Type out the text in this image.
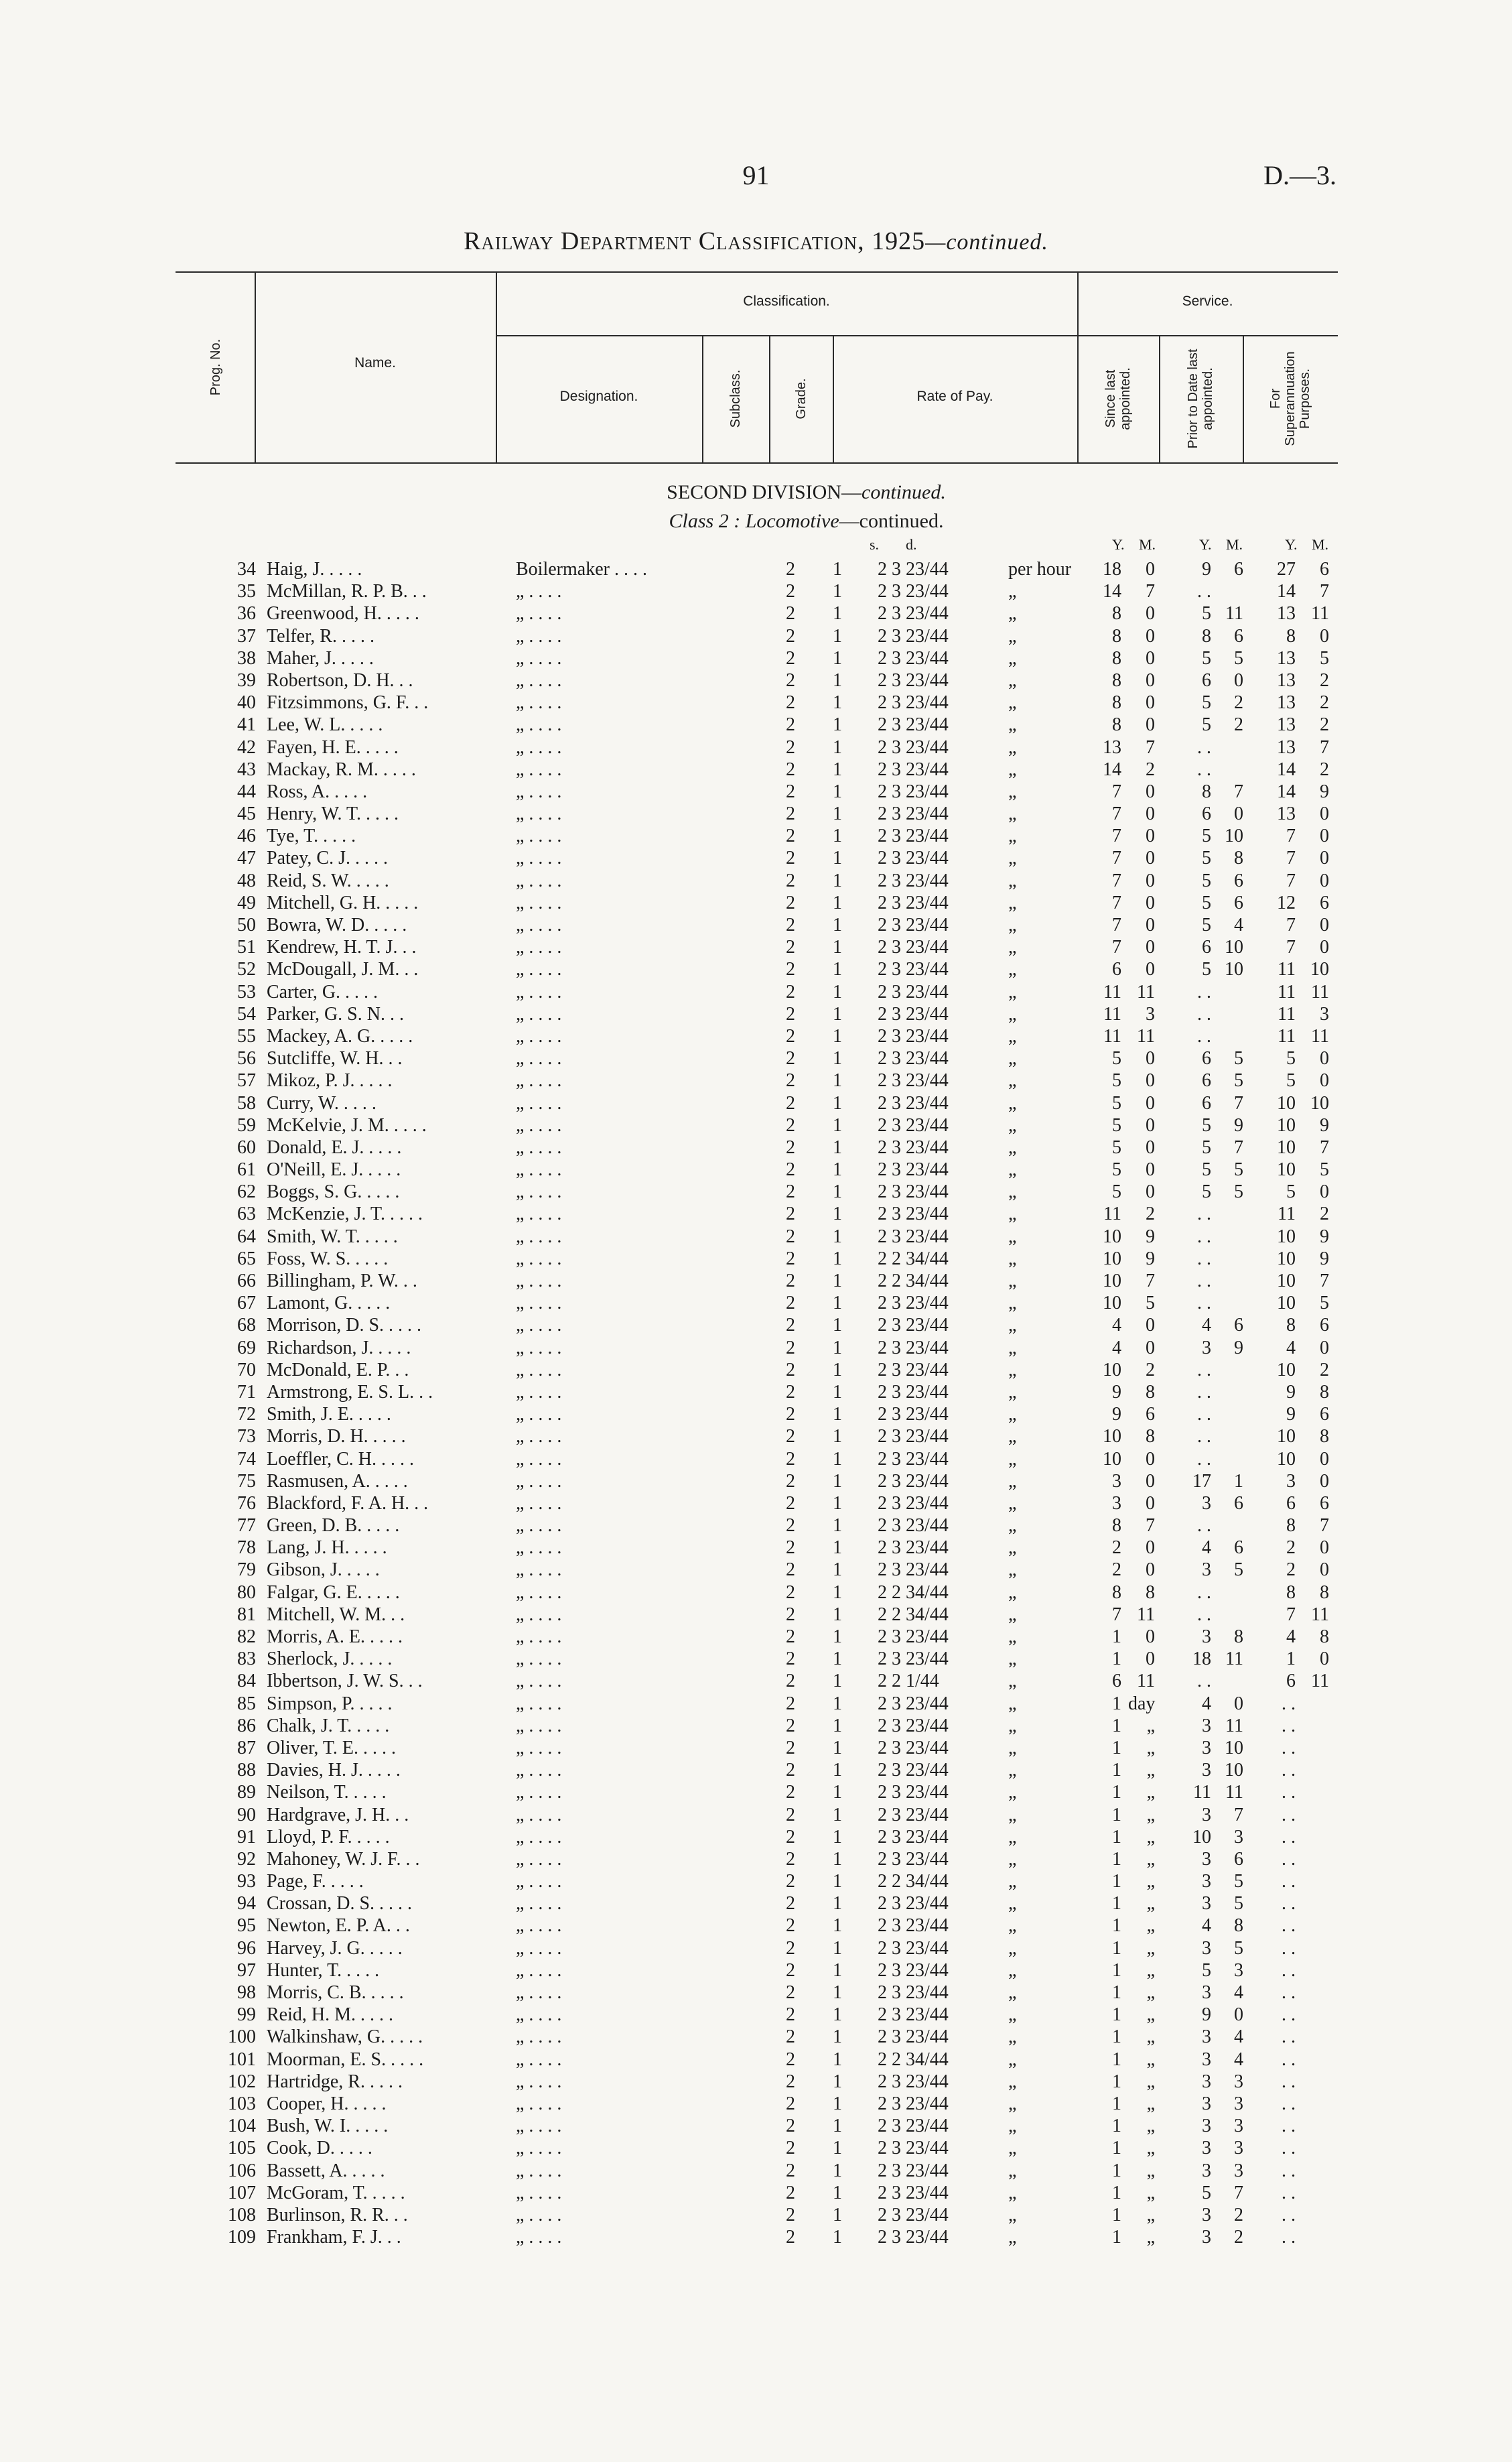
91	D.—3.
Railway Department Classification, 1925—continued.
Prog. No.	Name.
Classification.	Service.
Designation.	Subclass.	Grade.	Rate of Pay.	Since last appointed.	Prior to Date last appointed.	For Superannuation Purposes.
SECOND DIVISION—continued.
Class 2 : Locomotive—continued.
s. d.	Y. M.	Y. M.	Y. M.
34 Haig, J. . . . .	Boilermaker . . . .	2	1	2 3 23/44	per hour	18	0	9	6	27	6
35 McMillan, R. P. B. . .	„ . . . .	2	1	2 3 23/44	„	14	7	. .	14	7
36 Greenwood, H. . . . .	„ . . . .	2	1	2 3 23/44	„	8	0	5 11	13 11
37 Telfer, R. . . . .	„ . . . .	2	1	2 3 23/44	„	8	0	8	6	8	0
38 Maher, J. . . . .	„ . . . .	2	1	2 3 23/44	„	8	0	5	5	13	5
39 Robertson, D. H. . .	„ . . . .	2	1	2 3 23/44	„	8	0	6	0	13	2
40 Fitzsimmons, G. F. . .	„ . . . .	2	1	2 3 23/44	„	8	0	5	2	13	2
41 Lee, W. L. . . . .	„ . . . .	2	1	2 3 23/44	„	8	0	5	2	13	2
42 Fayen, H. E. . . . .	„ . . . .	2	1	2 3 23/44	„	13	7	. .	13	7
43 Mackay, R. M. . . . .	„ . . . .	2	1	2 3 23/44	„	14	2	. .	14	2
44 Ross, A. . . . .	„ . . . .	2	1	2 3 23/44	„	7	0	8	7	14	9
45 Henry, W. T. . . . .	„ . . . .	2	1	2 3 23/44	„	7	0	6	0	13	0
46 Tye, T. . . . .	„ . . . .	2	1	2 3 23/44	„	7	0	5 10	7	0
47 Patey, C. J. . . . .	„ . . . .	2	1	2 3 23/44	„	7	0	5	8	7	0
48 Reid, S. W. . . . .	„ . . . .	2	1	2 3 23/44	„	7	0	5	6	7	0
49 Mitchell, G. H. . . . .	„ . . . .	2	1	2 3 23/44	„	7	0	5	6	12	6
50 Bowra, W. D. . . . .	„ . . . .	2	1	2 3 23/44	„	7	0	5	4	7	0
51 Kendrew, H. T. J. . .	„ . . . .	2	1	2 3 23/44	„	7	0	6 10	7	0
52 McDougall, J. M. . .	„ . . . .	2	1	2 3 23/44	„	6	0	5 10	11 10
53 Carter, G. . . . .	„ . . . .	2	1	2 3 23/44	„	11 11	. .	11 11
54 Parker, G. S. N. . .	„ . . . .	2	1	2 3 23/44	„	11	3	. .	11	3
55 Mackey, A. G. . . . .	„ . . . .	2	1	2 3 23/44	„	11 11	. .	11 11
56 Sutcliffe, W. H. . .	„ . . . .	2	1	2 3 23/44	„	5	0	6	5	5	0
57 Mikoz, P. J. . . . .	„ . . . .	2	1	2 3 23/44	„	5	0	6	5	5	0
58 Curry, W. . . . .	„ . . . .	2	1	2 3 23/44	„	5	0	6	7	10 10
59 McKelvie, J. M. . . . .	„ . . . .	2	1	2 3 23/44	„	5	0	5	9	10	9
60 Donald, E. J. . . . .	„ . . . .	2	1	2 3 23/44	„	5	0	5	7	10	7
61 O'Neill, E. J. . . . .	„ . . . .	2	1	2 3 23/44	„	5	0	5	5	10	5
62 Boggs, S. G. . . . .	„ . . . .	2	1	2 3 23/44	„	5	0	5	5	5	0
63 McKenzie, J. T. . . . .	„ . . . .	2	1	2 3 23/44	„	11	2	. .	11	2
64 Smith, W. T. . . . .	„ . . . .	2	1	2 3 23/44	„	10	9	. .	10	9
65 Foss, W. S. . . . .	„ . . . .	2	1	2 2 34/44	„	10	9	. .	10	9
66 Billingham, P. W. . .	„ . . . .	2	1	2 2 34/44	„	10	7	. .	10	7
67 Lamont, G. . . . .	„ . . . .	2	1	2 3 23/44	„	10	5	. .	10	5
68 Morrison, D. S. . . . .	„ . . . .	2	1	2 3 23/44	„	4	0	4	6	8	6
69 Richardson, J. . . . .	„ . . . .	2	1	2 3 23/44	„	4	0	3	9	4	0
70 McDonald, E. P. . .	„ . . . .	2	1	2 3 23/44	„	10	2	. .	10	2
71 Armstrong, E. S. L. . .	„ . . . .	2	1	2 3 23/44	„	9	8	. .	9	8
72 Smith, J. E. . . . .	„ . . . .	2	1	2 3 23/44	„	9	6	. .	9	6
73 Morris, D. H. . . . .	„ . . . .	2	1	2 3 23/44	„	10	8	. .	10	8
74 Loeffler, C. H. . . . .	„ . . . .	2	1	2 3 23/44	„	10	0	. .	10	0
75 Rasmusen, A. . . . .	„ . . . .	2	1	2 3 23/44	„	3	0	17	1	3	0
76 Blackford, F. A. H. . .	„ . . . .	2	1	2 3 23/44	„	3	0	3	6	6	6
77 Green, D. B. . . . .	„ . . . .	2	1	2 3 23/44	„	8	7	. .	8	7
78 Lang, J. H. . . . .	„ . . . .	2	1	2 3 23/44	„	2	0	4	6	2	0
79 Gibson, J. . . . .	„ . . . .	2	1	2 3 23/44	„	2	0	3	5	2	0
80 Falgar, G. E. . . . .	„ . . . .	2	1	2 2 34/44	„	8	8	. .	8	8
81 Mitchell, W. M. . .	„ . . . .	2	1	2 2 34/44	„	7 11	. .	7 11
82 Morris, A. E. . . . .	„ . . . .	2	1	2 3 23/44	„	1	0	3	8	4	8
83 Sherlock, J. . . . .	„ . . . .	2	1	2 3 23/44	„	1	0	18 11	1	0
84 Ibbertson, J. W. S. . .	„ . . . .	2	1	2 2 1/44	„	6 11	. .	6 11
85 Simpson, P. . . . .	„ . . . .	2	1	2 3 23/44	„	1 day	4	0	. .
86 Chalk, J. T. . . . .	„ . . . .	2	1	2 3 23/44	„	1	„	3 11	. .
87 Oliver, T. E. . . . .	„ . . . .	2	1	2 3 23/44	„	1	„	3 10	. .
88 Davies, H. J. . . . .	„ . . . .	2	1	2 3 23/44	„	1	„	3 10	. .
89 Neilson, T. . . . .	„ . . . .	2	1	2 3 23/44	„	1	„	11 11	. .
90 Hardgrave, J. H. . .	„ . . . .	2	1	2 3 23/44	„	1	„	3	7	. .
91 Lloyd, P. F. . . . .	„ . . . .	2	1	2 3 23/44	„	1	„	10	3	. .
92 Mahoney, W. J. F. . .	„ . . . .	2	1	2 3 23/44	„	1	„	3	6	. .
93 Page, F. . . . .	„ . . . .	2	1	2 2 34/44	„	1	„	3	5	. .
94 Crossan, D. S. . . . .	„ . . . .	2	1	2 3 23/44	„	1	„	3	5	. .
95 Newton, E. P. A. . .	„ . . . .	2	1	2 3 23/44	„	1	„	4	8	. .
96 Harvey, J. G. . . . .	„ . . . .	2	1	2 3 23/44	„	1	„	3	5	. .
97 Hunter, T. . . . .	„ . . . .	2	1	2 3 23/44	„	1	„	5	3	. .
98 Morris, C. B. . . . .	„ . . . .	2	1	2 3 23/44	„	1	„	3	4	. .
99 Reid, H. M. . . . .	„ . . . .	2	1	2 3 23/44	„	1	„	9	0	. .
100 Walkinshaw, G. . . . .	„ . . . .	2	1	2 3 23/44	„	1	„	3	4	. .
101 Moorman, E. S. . . . .	„ . . . .	2	1	2 2 34/44	„	1	„	3	4	. .
102 Hartridge, R. . . . .	„ . . . .	2	1	2 3 23/44	„	1	„	3	3	. .
103 Cooper, H. . . . .	„ . . . .	2	1	2 3 23/44	„	1	„	3	3	. .
104 Bush, W. I. . . . .	„ . . . .	2	1	2 3 23/44	„	1	„	3	3	. .
105 Cook, D. . . . .	„ . . . .	2	1	2 3 23/44	„	1	„	3	3	. .
106 Bassett, A. . . . .	„ . . . .	2	1	2 3 23/44	„	1	„	3	3	. .
107 McGoram, T. . . . .	„ . . . .	2	1	2 3 23/44	„	1	„	5	7	. .
108 Burlinson, R. R. . .	„ . . . .	2	1	2 3 23/44	„	1	„	3	2	. .
109 Frankham, F. J. . .	„ . . . .	2	1	2 3 23/44	„	1	„	3	2	. .
